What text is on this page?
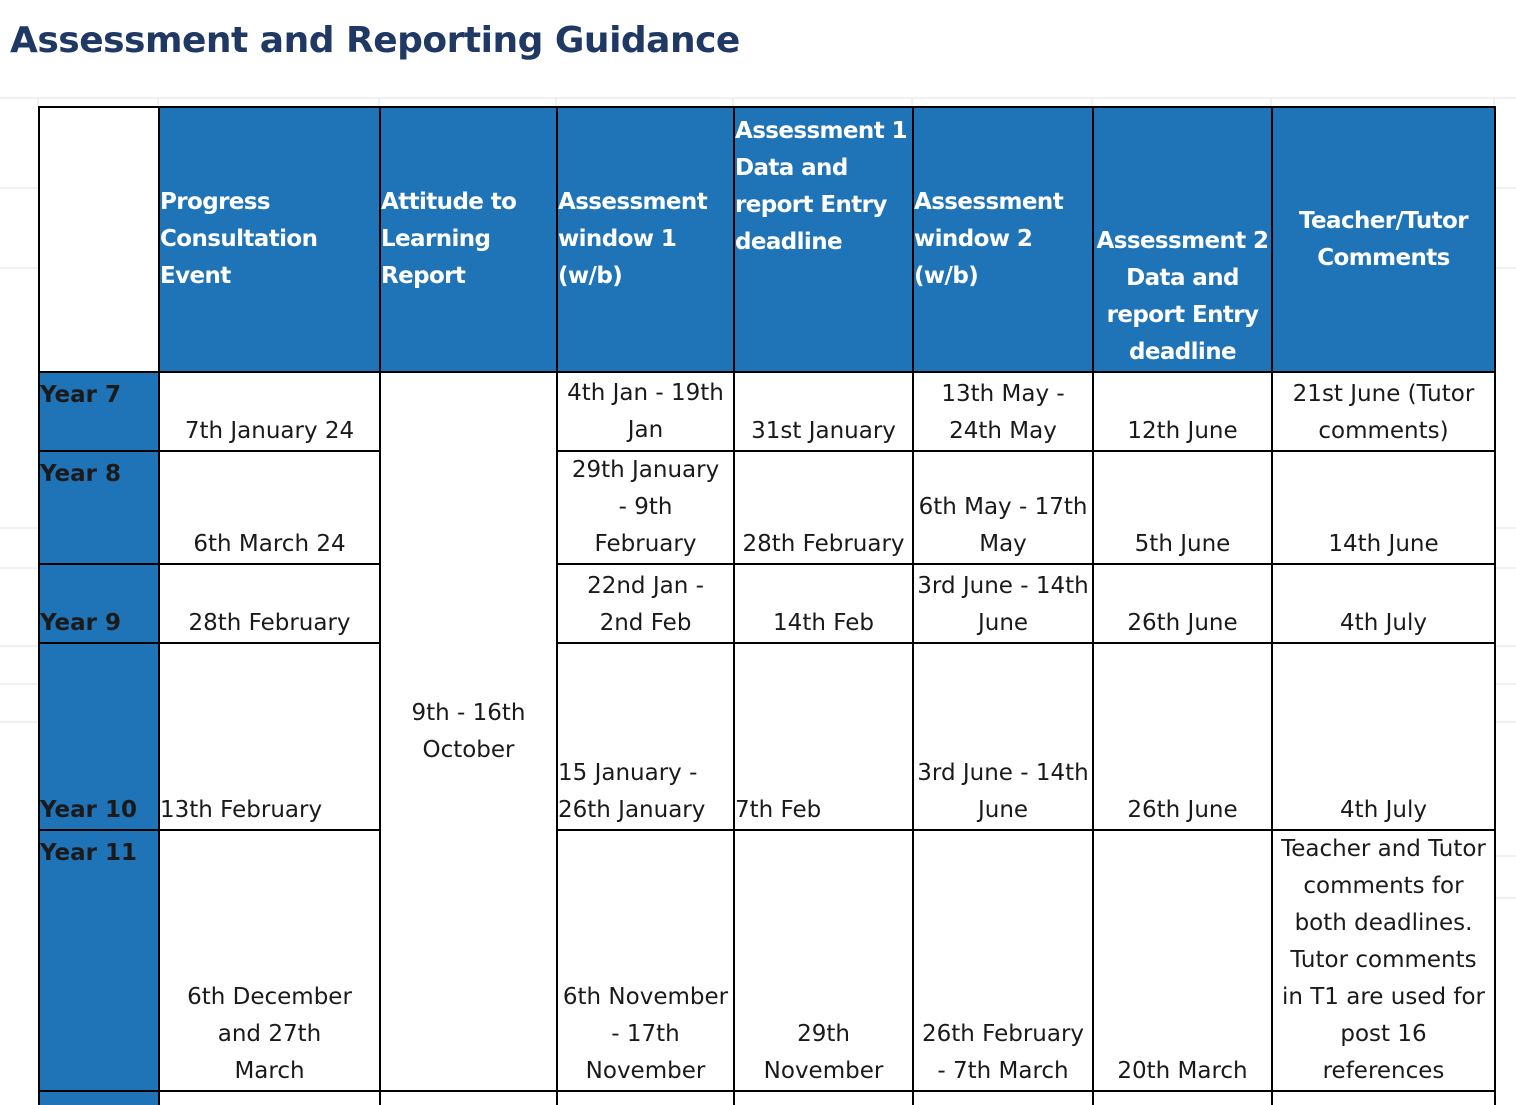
Assessment and Reporting Guidance
	Progress Consultation Event	Attitude to Learning Report	Assessment window 1 (w/b)	Assessment 1 Data and report Entry deadline	Assessment window 2 (w/b)	Assessment 2 Data and report Entry deadline	Teacher/Tutor Comments
Year 7	7th January 24	9th - 16th October	4th Jan - 19th Jan	31st January	13th May - 24th May	12th June	21st June (Tutor comments)

Year 8	6th March 24		29th January - 9th February	28th February	6th May - 17th May	5th June	14th June
Year 9	28th February		22nd Jan - 2nd Feb	14th Feb	3rd June - 14th June	26th June	4th July
Year 10	13th February		15 January - 26th January	7th Feb	3rd June - 14th June	26th June	4th July
Year 11	6th December and 27th March		6th November - 17th November	29th November	26th February - 7th March	20th March	Teacher and Tutor comments for both deadlines. Tutor comments in T1 are used for post 16 references
